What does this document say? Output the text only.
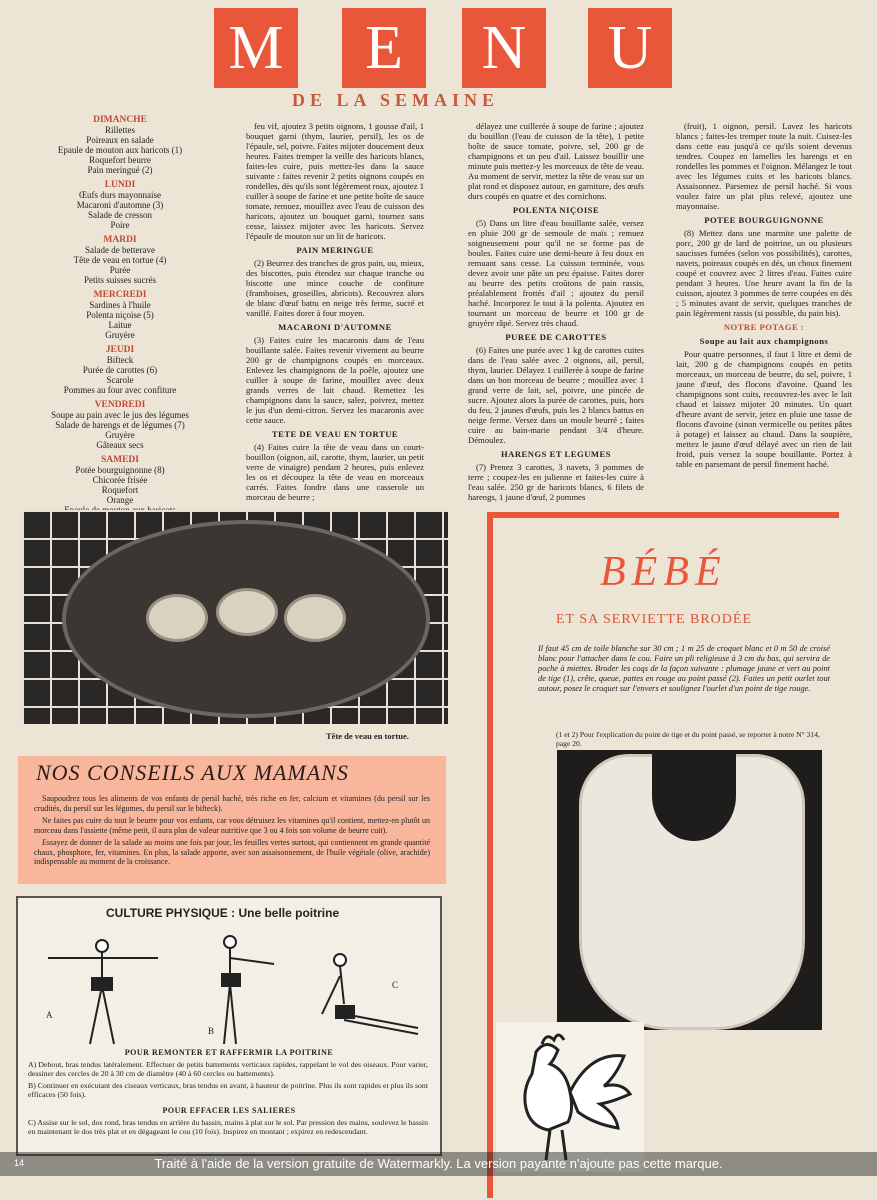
M	E	N	U
DE LA SEMAINE
DIMANCHE
Rillettes
Poireaux en salade
Epaule de mouton aux haricots (1)
Roquefort beurre
Pain meringué (2)
LUNDI
Œufs durs mayonnaise
Macaroni d'automne (3)
Salade de cresson
Poire
MARDI
Salade de betterave
Tête de veau en tortue (4)
Purée
Petits suisses sucrés
MERCREDI
Sardines à l'huile
Polenta niçoise (5)
Laitue
Gruyère
JEUDI
Bifteck
Purée de carottes (6)
Scarole
Pommes au four avec confiture
VENDREDI
Soupe au pain avec le jus des légumes
Salade de harengs et de légumes (7)
Gruyère
Gâteaux secs
SAMEDI
Potée bourguignonne (8)
Chicorée frisée
Roquefort
Orange

feu vif, ajoutez 3 petits oignons, 1 gousse d'ail, 1 bouquet garni (thym, laurier, persil), les os de l'épaule, sel, poivre. Faites mijoter doucement deux heures. Faites tremper la veille des haricots blancs, faites-les cuire, puis mettez-les dans la sauce suivante : faites revenir 2 petits oignons coupés en rondelles, dès qu'ils sont légèrement roux, ajoutez 1 cuiller à soupe de farine et une petite boîte de sauce tomate, remuez, mouillez avec l'eau de cuisson des haricots, ajoutez un bouquet garni, tournez sans cesse, laissez mijoter avec les haricots. Servez l'épaule de mouton sur un lit de haricots.

PAIN MERINGUE

(2) Beurrez des tranches de gros pain, ou, mieux, des biscottes, puis étendez sur chaque tranche ou biscotte une mince couche de confiture (framboises, groseilles, abricots). Recouvrez alors de blanc d'œuf battu en neige très ferme, sucré et vanillé. Faites dorer à four moyen.

MACARONI D'AUTOMNE

(3) Faites cuire les macaronis dans de l'eau bouillante salée. Faites revenir vivement au beurre 200 gr de champignons coupés en morceaux. Enlevez les champignons de la poêle, ajoutez une cuiller à soupe de farine, mouillez avec deux grands verres de lait chaud. Remettez les champignons dans la sauce, salez, poivrez, mettez le jus d'un demi-citron. Servez les macaronis avec cette sauce.

TETE DE VEAU EN TORTUE

(4) Faites cuire la tête de veau dans un court-bouillon (oignon, ail, carotte, thym, laurier, un petit verre de vinaigre) pendant 2 heures, puis enlevez les os et découpez la tête de veau en morceaux carrés. Faites fondre dans une casserole un morceau de beurre ;

délayez une cuillerée à soupe de farine ; ajoutez du bouillon (l'eau de cuisson de la tête), 1 petite boîte de sauce tomate, poivre, sel, 200 gr de champignons et un peu d'ail. Laissez bouillir une minute puis mettez-y les morceaux de tête de veau. Au moment de servir, mettez la tête de veau sur un plat rond et disposez autour, en garniture, des œufs durs coupés en quatre et des cornichons.

POLENTA NIÇOISE

(5) Dans un litre d'eau bouillante salée, versez en pluie 200 gr de semoule de maïs ; remuez soigneusement pour qu'il ne se forme pas de boules. Faites cuire une demi-heure à feu doux en remuant sans cesse. La cuisson terminée, vous devez avoir une pâte un peu épaisse. Faites dorer au beurre des petits croûtons de pain rassis, préalablement frottés d'ail ; ajoutez du persil haché. Incorporez le tout à la polenta. Ajoutez en tournant un morceau de beurre et 100 gr de gruyère râpé. Servez très chaud.

PUREE DE CAROTTES

(6) Faites une purée avec 1 kg de carottes cuites dans de l'eau salée avec 2 oignons, ail, persil, thym, laurier. Délayez 1 cuillerée à soupe de farine dans un bon morceau de beurre ; mouillez avec 1 grand verre de lait, sel, poivre, une pincée de sucre. Ajoutez alors la purée de carottes, puis, hors du feu, 2 jaunes d'œufs, puis les 2 blancs battus en neige ferme. Versez dans un moule beurré ; faites cuire au bain-marie pendant 3/4 d'heure. Démoulez.

HARENGS ET LEGUMES

(7) Prenez 3 carottes, 3 navets, 3 pommes de terre ; coupez-les en julienne et faites-les cuire à l'eau salée. 250 gr de haricots blancs, 6 filets de harengs, 1 jaune d'œuf, 2 pommes

(fruit), 1 oignon, persil. Lavez les haricots blancs ; faites-les tremper toute la nuit. Cuisez-les dans cette eau jusqu'à ce qu'ils soient devenus tendres. Coupez en lamelles les harengs et en rondelles les pommes et l'oignon. Mélangez le tout avec les légumes cuits et les haricots blancs. Assaisonnez. Parsemez de persil haché. Si vous voulez faire un plat plus relevé, ajoutez une mayonnaise.

POTEE BOURGUIGNONNE

(8) Mettez dans une marmite une palette de porc, 200 gr de lard de poitrine, un ou plusieurs saucisses fumées (selon vos possibilités), carottes, navets, poireaux coupés en dés, un choux finement coupé et couvrez avec 2 litres d'eau. Faites cuire pendant 3 heures. Une heure avant la fin de la cuisson, ajoutez 3 pommes de terre coupées en dés ; 5 minutes avant de servir, quelques tranches de pain légèrement rassis (si possible, du pain bis).

NOTRE POTAGE :
Soupe au lait aux champignons

Pour quatre personnes, il faut 1 litre et demi de lait, 200 g de champignons coupés en petits morceaux, un morceau de beurre, du sel, poivre, 1 jaune d'œuf, des flocons d'avoine. Quand les champignons sont cuits, recouvrez-les avec le lait chaud et laissez mijoter 20 minutes. Un quart d'heure avant de servir, jetez en pluie une tasse de flocons d'avoine (sinon vermicelle ou petites pâtes à potage) et laissez au chaud. Dans la soupière, mettez le jaune d'œuf délayé avec un rien de lait froid, puis versez la soupe bouillante. Portez à table en parsemant de persil finement haché.

Tête de veau en tortue.
NOS CONSEILS AUX MAMANS

Saupoudrez tous les aliments de vos enfants de persil haché, très riche en fer, calcium et vitamines (du persil sur les crudités, du persil sur les légumes, du persil sur le bifteck).

Ne faites pas cuire du tout le beurre pour vos enfants, car vous détruisez les vitamines qu'il contient, mettez-en plutôt un morceau dans l'assiette (même petit, il aura plus de valeur nutritive que 3 ou 4 fois son volume de beurre cuit).

Essayez de donner de la salade au moins une fois par jour, les feuilles vertes surtout, qui contiennent en grande quantité chaux, phosphore, fer, vitamines. En plus, la salade apporte, avec son assaisonnement, de l'huile végétale (olive, arachide) indispensable au moment de la croissance.

CULTURE PHYSIQUE : Une belle poitrine
A
B
C
POUR REMONTER ET RAFFERMIR LA POITRINE

A) Debout, bras tendus latéralement. Effectuer de petits battements verticaux rapides, rappelant le vol des oiseaux. Pour varier, dessiner des cercles de 20 à 30 cm de diamètre (40 à 60 cercles ou battements).

B) Continuer en exécutant des ciseaux verticaux, bras tendus en avant, à hauteur de poitrine. Plus ils sont rapides et plus ils sont efficaces (50 fois).

POUR EFFACER LES SALIERES

C) Assise sur le sol, dos rond, bras tendus en arrière du bassin, mains à plat sur le sol. Par pression des mains, soulevez le bassin en maintenant le dos très plat et en dégageant le cou (10 fois). Inspirez en montant ; expirez en redescendant.

BÉBÉ
ET SA SERVIETTE BRODÉE
Il faut 45 cm de toile blanche sur 30 cm ; 1 m 25 de croquet blanc et 0 m 50 de croisé blanc pour l'attacher dans le cou. Faire un pli religieuse à 3 cm du bas, qui servira de poche à miettes. Broder les coqs de la façon suivante : plumage jaune et vert au point de tige (1), crête, queue, pattes en rouge au point passé (2). Faites un petit ourlet tout autour, posez le croquet sur l'envers et soulignez l'ourlet d'un point de tige rouge.
(1 et 2) Pour l'explication du point de tige et du point passé, se reporter à notre N° 314, page 20.
Traité à l'aide de la version gratuite de Watermarkly. La version payante n'ajoute pas cette marque.
14
